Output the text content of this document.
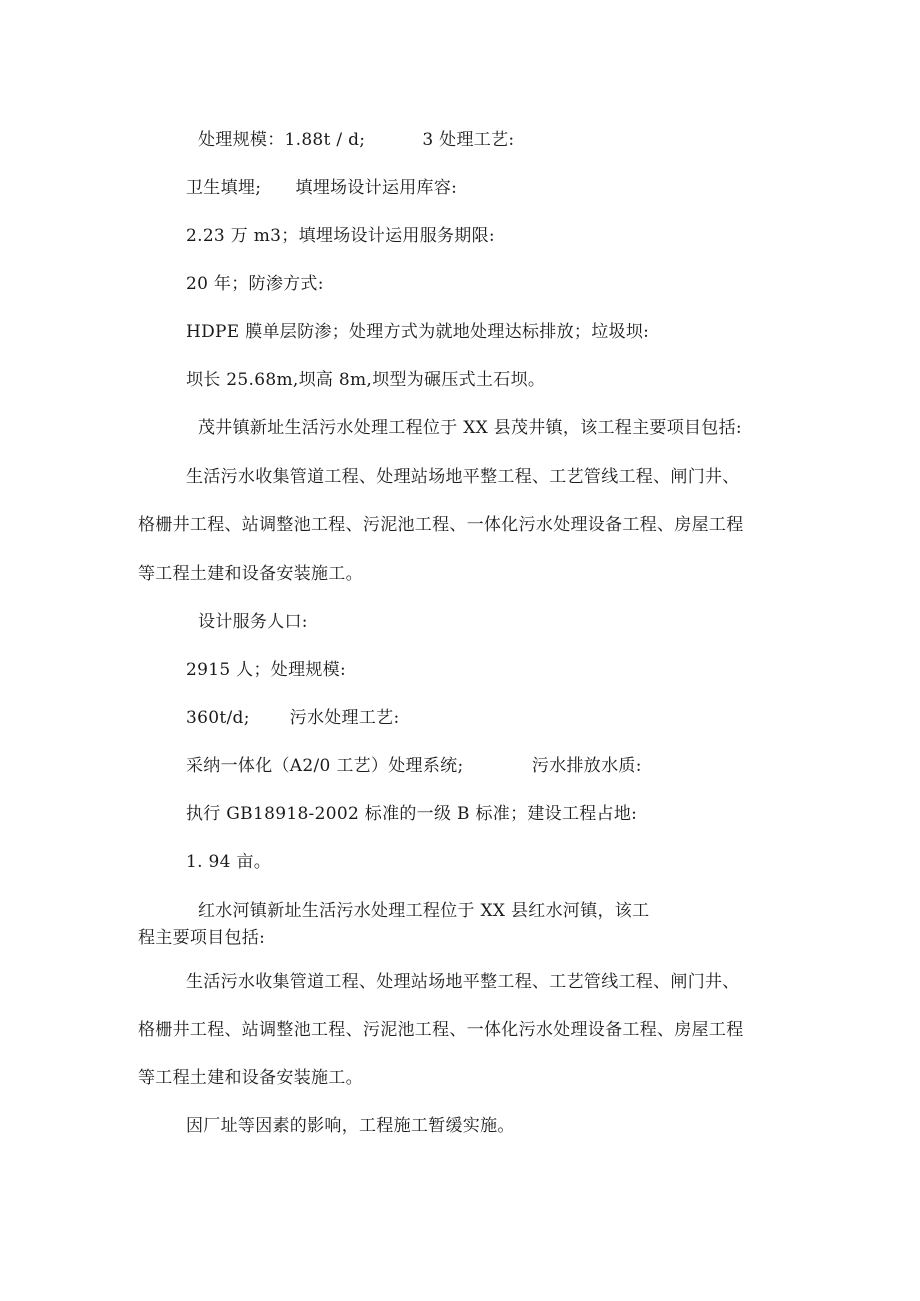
处理规模：1.88t / d;          3 处理工艺:
卫生填埋;      填埋场设计运用库容:
2.23 万 m3；填埋场设计运用服务期限:
20 年；防渗方式:
HDPE 膜单层防渗；处理方式为就地处理达标排放；垃圾坝:
坝长 25.68m,坝高 8m,坝型为碾压式土石坝。
茂井镇新址生活污水处理工程位于 XX 县茂井镇，该工程主要项目包括:
生活污水收集管道工程、处理站场地平整工程、工艺管线工程、闸门井、
格栅井工程、站调整池工程、污泥池工程、一体化污水处理设备工程、房屋工程
等工程土建和设备安装施工。
设计服务人口:
2915 人；处理规模:
360t/d;       污水处理工艺:
采纳一体化（A2/0 工艺）处理系统;            污水排放水质:
执行 GB18918-2002 标准的一级 B 标准；建设工程占地:
1. 94 亩。
红水河镇新址生活污水处理工程位于 XX 县红水河镇，该工
程主要项目包括:
生活污水收集管道工程、处理站场地平整工程、工艺管线工程、闸门井、
格栅井工程、站调整池工程、污泥池工程、一体化污水处理设备工程、房屋工程
等工程土建和设备安装施工。
因厂址等因素的影响，工程施工暂缓实施。
